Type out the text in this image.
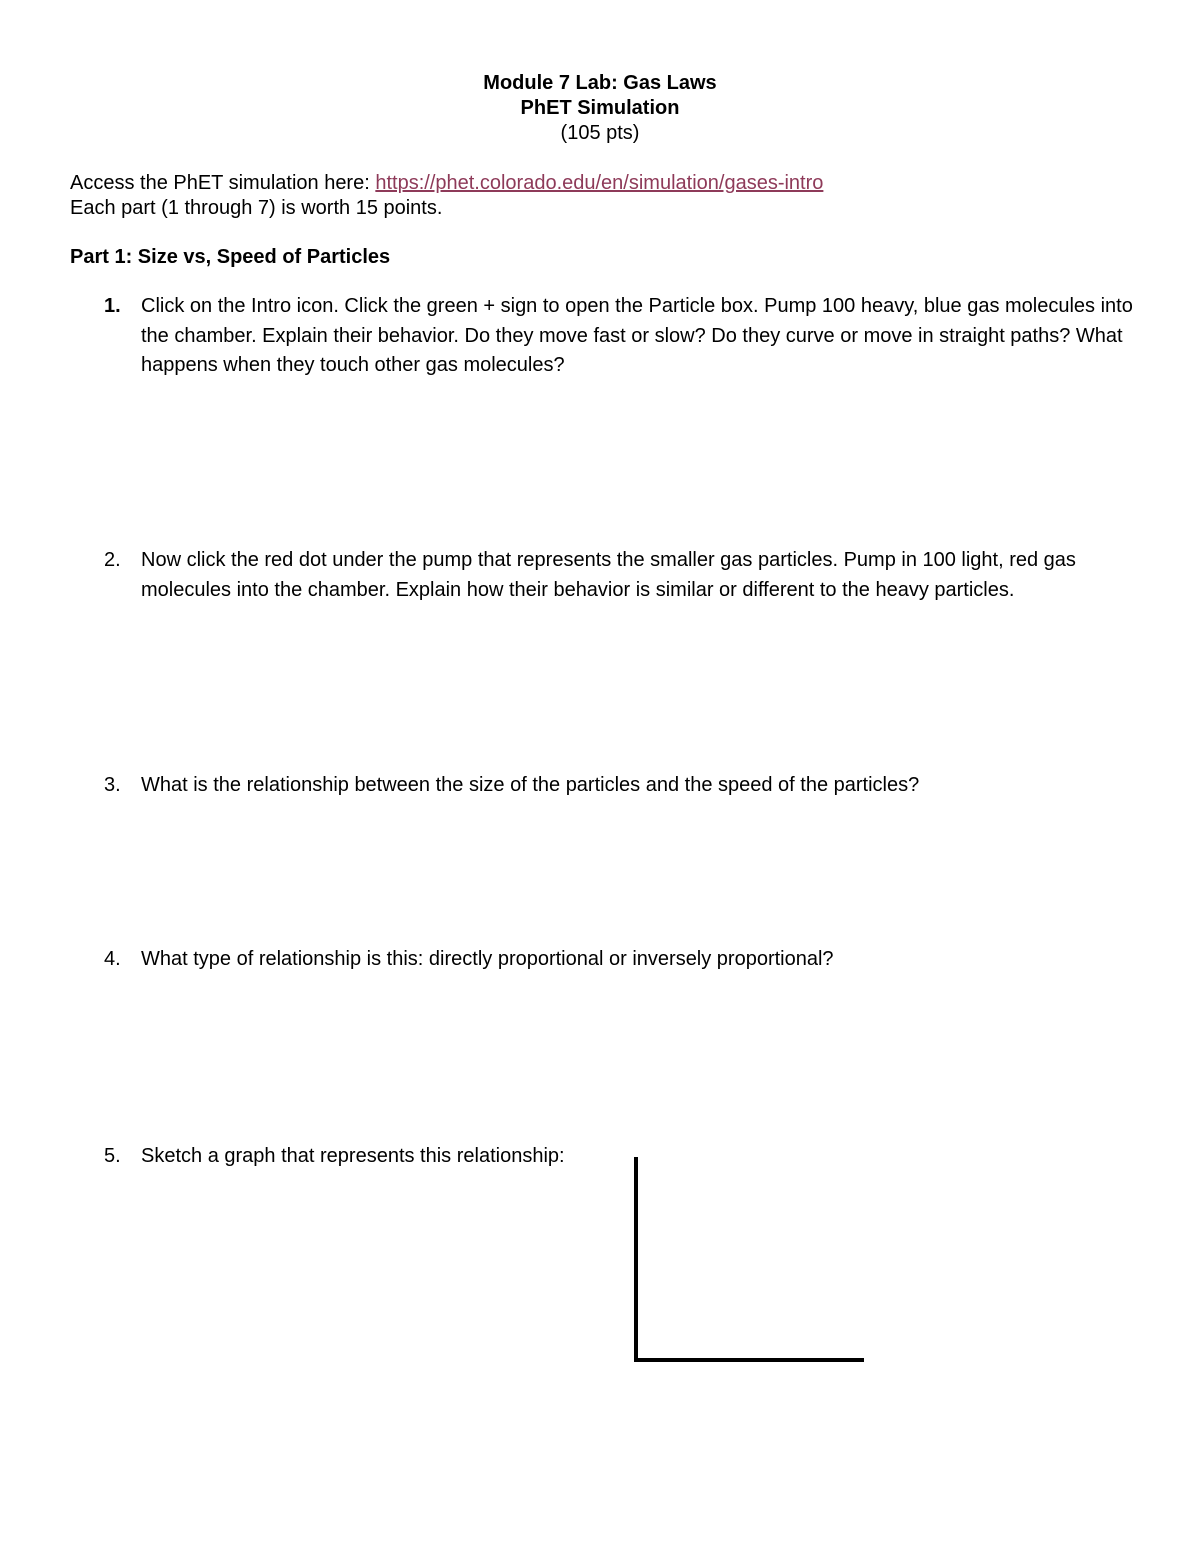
Module 7 Lab: Gas Laws
PhET Simulation
(105 pts)
Access the PhET simulation here: https://phet.colorado.edu/en/simulation/gases-intro
Each part (1 through 7) is worth 15 points.
Part 1: Size vs, Speed of Particles
1.	Click on the Intro icon. Click the green + sign to open the Particle box. Pump 100 heavy, blue gas molecules into the chamber. Explain their behavior. Do they move fast or slow? Do they curve or move in straight paths? What happens when they touch other gas molecules?
2.	Now click the red dot under the pump that represents the smaller gas particles. Pump in 100 light, red gas molecules into the chamber. Explain how their behavior is similar or different to the heavy particles.
3.	What is the relationship between the size of the particles and the speed of the particles?
4.	What type of relationship is this: directly proportional or inversely proportional?
5.	Sketch a graph that represents this relationship:
